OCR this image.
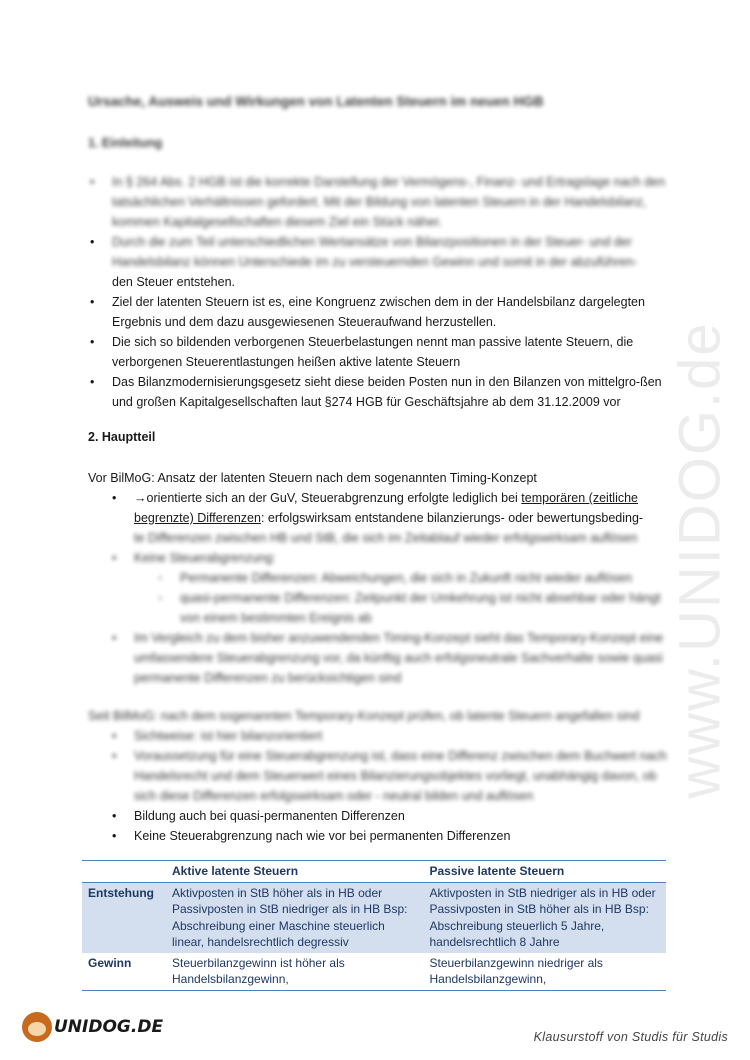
www.UNIDOG.de
Ursache, Ausweis und Wirkungen von Latenten Steuern im neuen HGB
1. Einleitung
• In § 264 Abs. 2 HGB ist die korrekte Darstellung der Vermögens-, Finanz- und Ertragslage nach den tatsächlichen Verhältnissen gefordert. Mit der Bildung von latenten Steuern in der Handelsbilanz, kommen Kapitalgesellschaften diesem Ziel ein Stück näher.
• Durch die zum Teil unterschiedlichen Wertansätze von Bilanzpositionen in der Steuer- und der Handelsbilanz können Unterschiede im zu versteuernden Gewinn und somit in der abzuführen-
den Steuer entstehen.
• Ziel der latenten Steuern ist es, eine Kongruenz zwischen dem in der Handelsbilanz dargelegten Ergebnis und dem dazu ausgewiesenen Steueraufwand herzustellen.
• Die sich so bildenden verborgenen Steuerbelastungen nennt man passive latente Steuern, die verborgenen Steuerentlastungen heißen aktive latente Steuern
• Das Bilanzmodernisierungsgesetz sieht diese beiden Posten nun in den Bilanzen von mittelgro-ßen und großen Kapitalgesellschaften laut §274 HGB für Geschäftsjahre ab dem 31.12.2009 vor
2. Hauptteil
Vor BilMoG: Ansatz der latenten Steuern nach dem sogenannten Timing-Konzept
• →orientierte sich an der GuV, Steuerabgrenzung erfolgte lediglich bei temporären (zeitliche begrenzte) Differenzen: erfolgswirksam entstandene bilanzierungs- oder bewertungsbeding-
te Differenzen zwischen HB und StB, die sich im Zeitablauf wieder erfolgswirksam auflösen
• Keine Steuerabgrenzung:
◦ Permanente Differenzen: Abweichungen, die sich in Zukunft nicht wieder auflösen
◦ quasi-permanente Differenzen: Zeitpunkt der Umkehrung ist nicht absehbar oder hängt von einem bestimmten Ereignis ab
• Im Vergleich zu dem bisher anzuwendenden Timing-Konzept sieht das Temporary-Konzept eine umfassendere Steuerabgrenzung vor, da künftig auch erfolgsneutrale Sachverhalte sowie quasi permanente Differenzen zu berücksichtigen sind
Seit BilMoG: nach dem sogenannten Temporary-Konzept prüfen, ob latente Steuern angefallen sind
• Sichtweise: ist hier bilanzorientiert
• Voraussetzung für eine Steuerabgrenzung ist, dass eine Differenz zwischen dem Buchwert nach Handelsrecht und dem Steuerwert eines Bilanzierungsobjektes vorliegt, unabhängig davon, ob sich diese Differenzen erfolgswirksam oder - neutral bilden und auflösen
• Bildung auch bei quasi-permanenten Differenzen
• Keine Steuerabgrenzung nach wie vor bei permanenten Differenzen
	Aktive latente Steuern	Passive latente Steuern
Entstehung	Aktivposten in StB höher als in HB oder Passivposten in StB niedriger als in HB Bsp: Abschreibung einer Maschine steuerlich linear, handelsrechtlich degressiv	Aktivposten in StB niedriger als in HB oder Passivposten in StB höher als in HB Bsp: Abschreibung steuerlich 5 Jahre, handelsrechtlich 8 Jahre
Gewinn	Steuerbilanzgewinn ist höher als Handelsbilanzgewinn,	Steuerbilanzgewinn niedriger als Handelsbilanzgewinn,
UNIDOG.DE	Klausurstoff von Studis für Studis
